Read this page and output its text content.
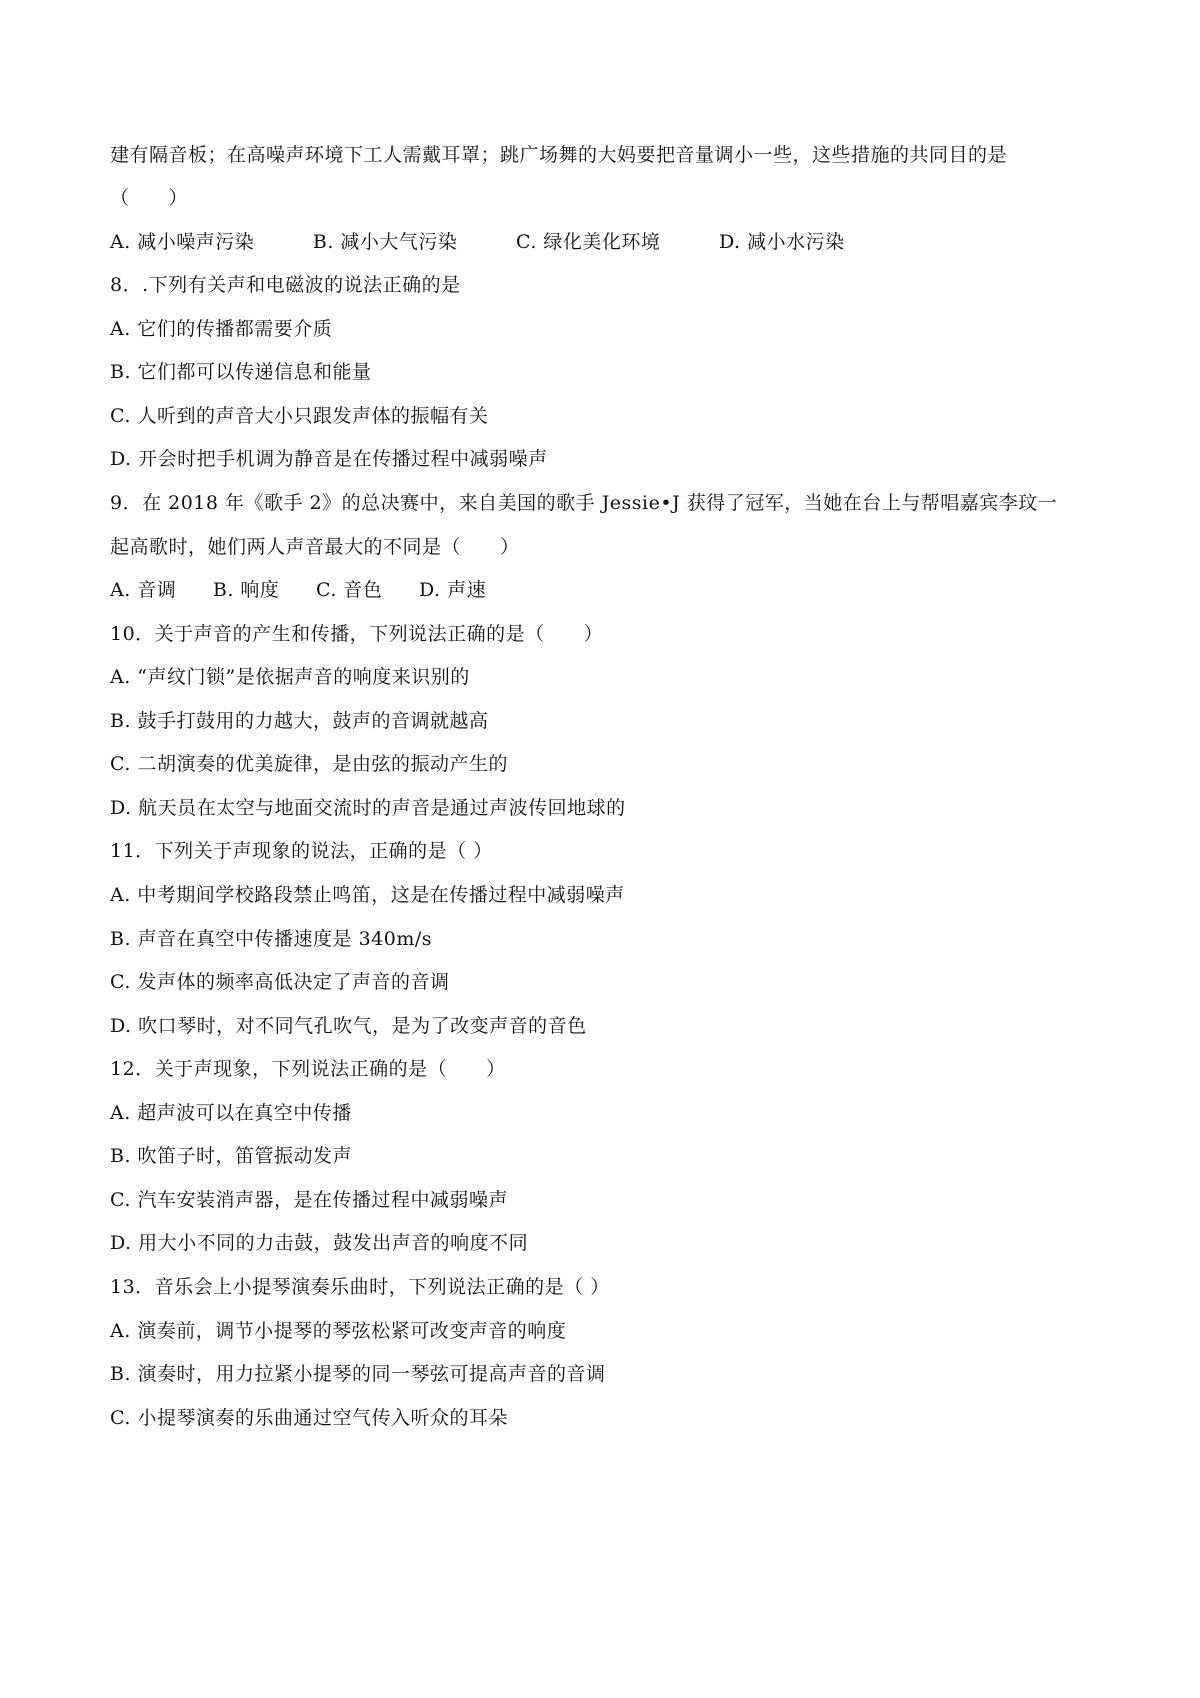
建有隔音板；在高噪声环境下工人需戴耳罩；跳广场舞的大妈要把音量调小一些，这些措施的共同目的是
（　　）
A. 减小噪声污染	B. 减小大气污染	C. 绿化美化环境	D. 减小水污染
8．.下列有关声和电磁波的说法正确的是
A. 它们的传播都需要介质
B. 它们都可以传递信息和能量
C. 人听到的声音大小只跟发声体的振幅有关
D. 开会时把手机调为静音是在传播过程中减弱噪声
9．在 2018 年《歌手 2》的总决赛中，来自美国的歌手 Jessie•J 获得了冠军，当她在台上与帮唱嘉宾李玟一
起高歌时，她们两人声音最大的不同是（　　）
A. 音调 B. 响度 C. 音色 D. 声速
10．关于声音的产生和传播，下列说法正确的是（　　）
A. “声纹门锁”是依据声音的响度来识别的
B. 鼓手打鼓用的力越大，鼓声的音调就越高
C. 二胡演奏的优美旋律，是由弦的振动产生的
D. 航天员在太空与地面交流时的声音是通过声波传回地球的
11．下列关于声现象的说法，正确的是（ ）
A. 中考期间学校路段禁止鸣笛，这是在传播过程中减弱噪声
B. 声音在真空中传播速度是 340m/s
C. 发声体的频率高低决定了声音的音调
D. 吹口琴时，对不同气孔吹气，是为了改变声音的音色
12．关于声现象，下列说法正确的是（　　）
A. 超声波可以在真空中传播
B. 吹笛子时，笛管振动发声
C. 汽车安装消声器，是在传播过程中减弱噪声
D. 用大小不同的力击鼓，鼓发出声音的响度不同
13．音乐会上小提琴演奏乐曲时，下列说法正确的是（ ）
A. 演奏前，调节小提琴的琴弦松紧可改变声音的响度
B. 演奏时，用力拉紧小提琴的同一琴弦可提高声音的音调
C. 小提琴演奏的乐曲通过空气传入听众的耳朵
